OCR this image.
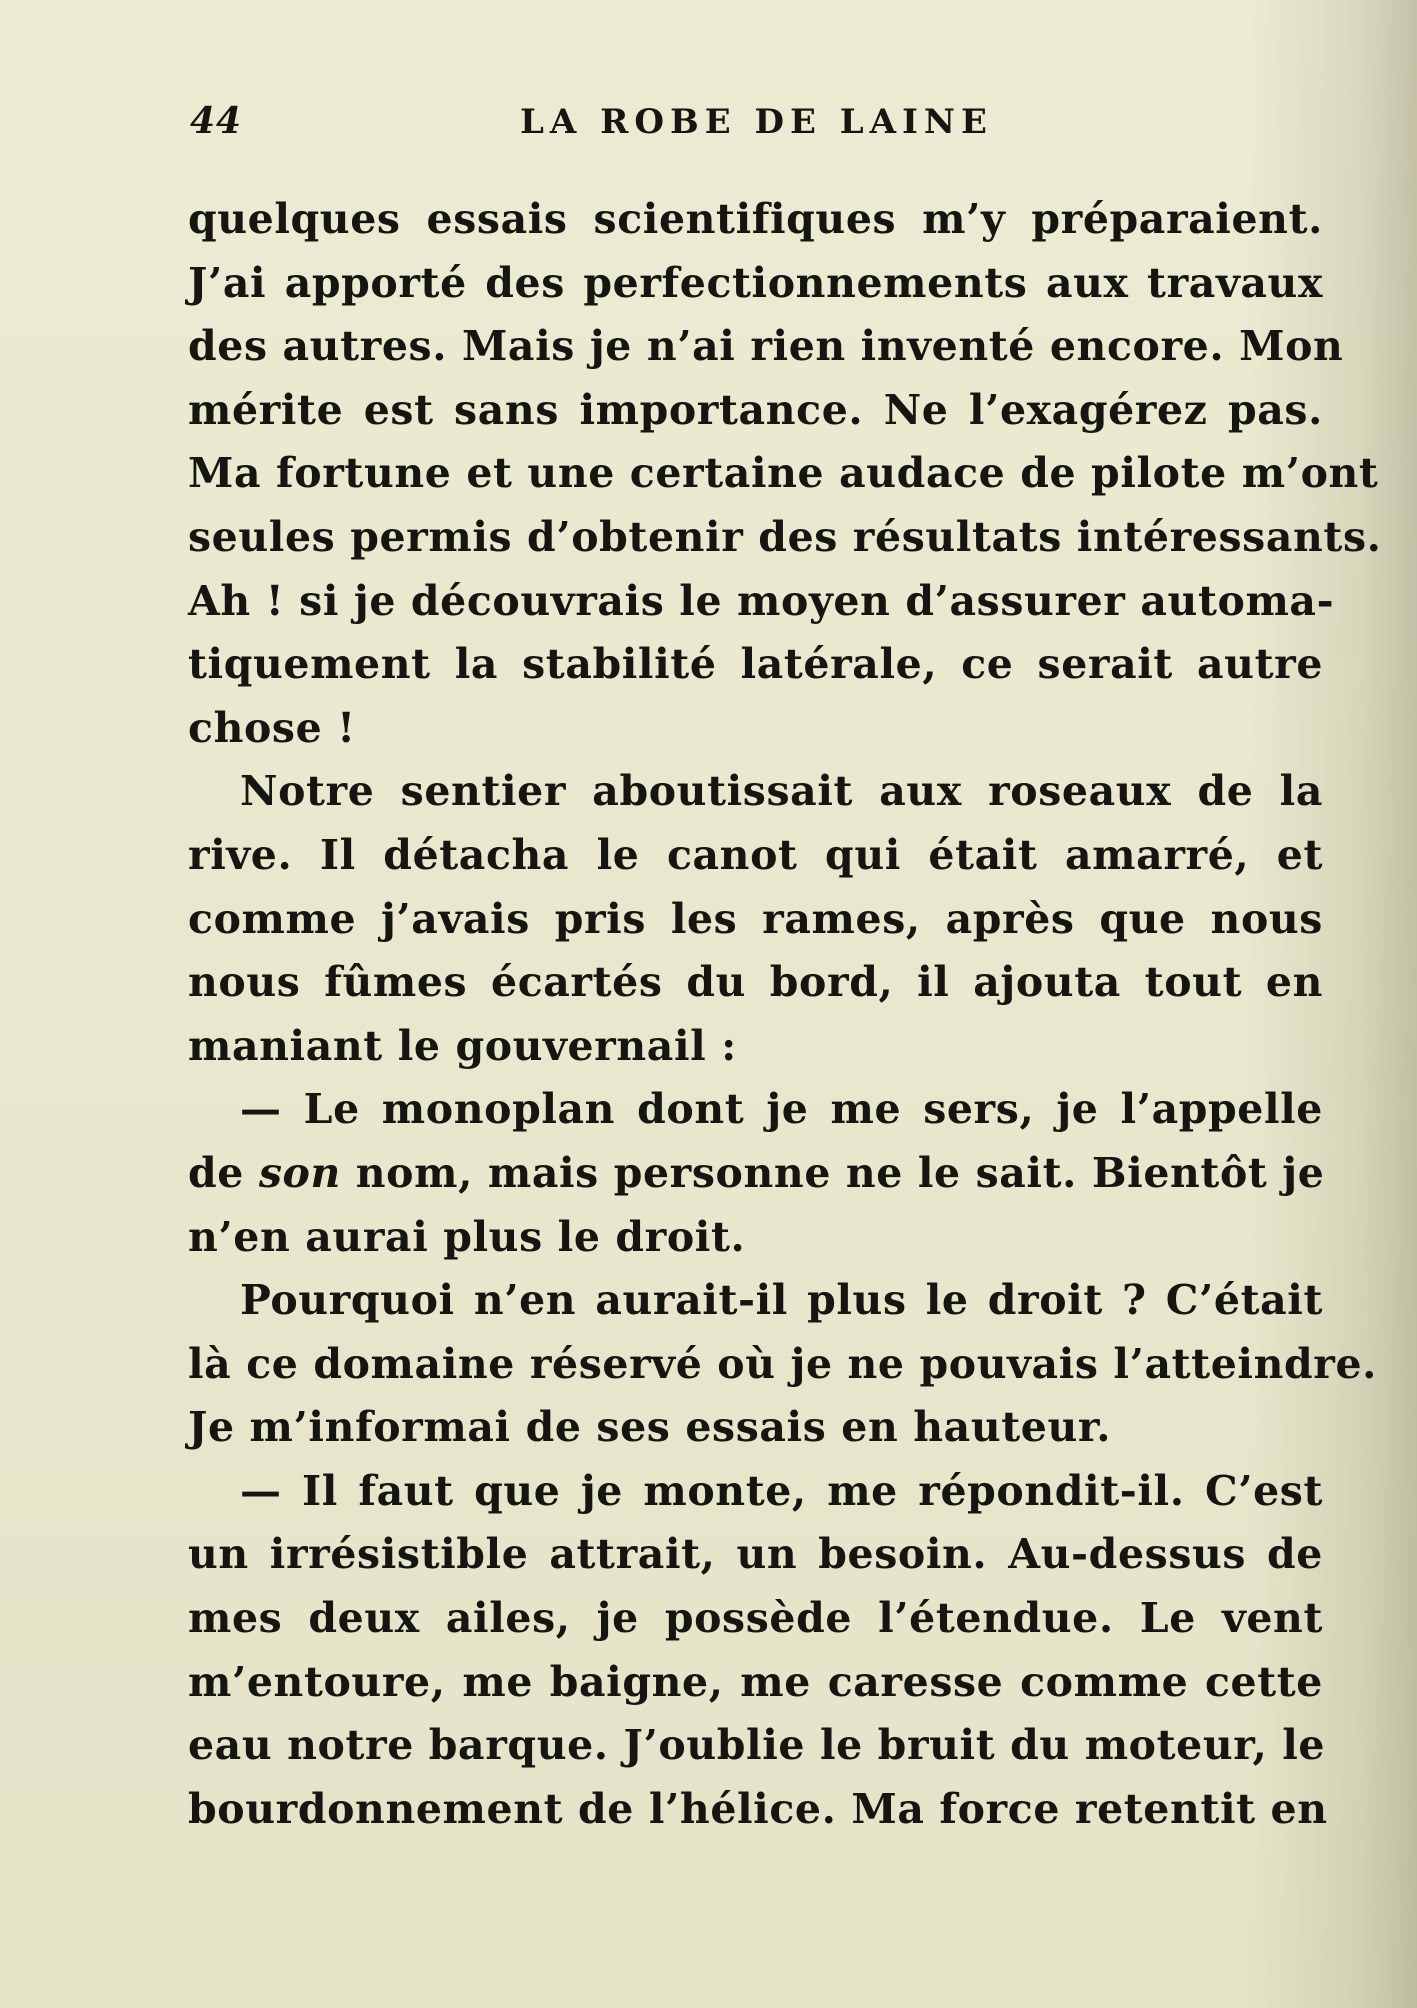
44	LA ROBE DE LAINE
quelques essais scientifiques m’y préparaient.
J’ai apporté des perfectionnements aux travaux
des autres. Mais je n’ai rien inventé encore. Mon
mérite est sans importance. Ne l’exagérez pas.
Ma fortune et une certaine audace de pilote m’ont
seules permis d’obtenir des résultats intéressants.
Ah ! si je découvrais le moyen d’assurer automa-
tiquement la stabilité latérale, ce serait autre
chose !
Notre sentier aboutissait aux roseaux de la
rive. Il détacha le canot qui était amarré, et
comme j’avais pris les rames, après que nous
nous fûmes écartés du bord, il ajouta tout en
maniant le gouvernail :
— Le monoplan dont je me sers, je l’appelle
de son nom, mais personne ne le sait. Bientôt je
n’en aurai plus le droit.
Pourquoi n’en aurait-il plus le droit ? C’était
là ce domaine réservé où je ne pouvais l’atteindre.
Je m’informai de ses essais en hauteur.
— Il faut que je monte, me répondit-il. C’est
un irrésistible attrait, un besoin. Au-dessus de
mes deux ailes, je possède l’étendue. Le vent
m’entoure, me baigne, me caresse comme cette
eau notre barque. J’oublie le bruit du moteur, le
bourdonnement de l’hélice. Ma force retentit en
